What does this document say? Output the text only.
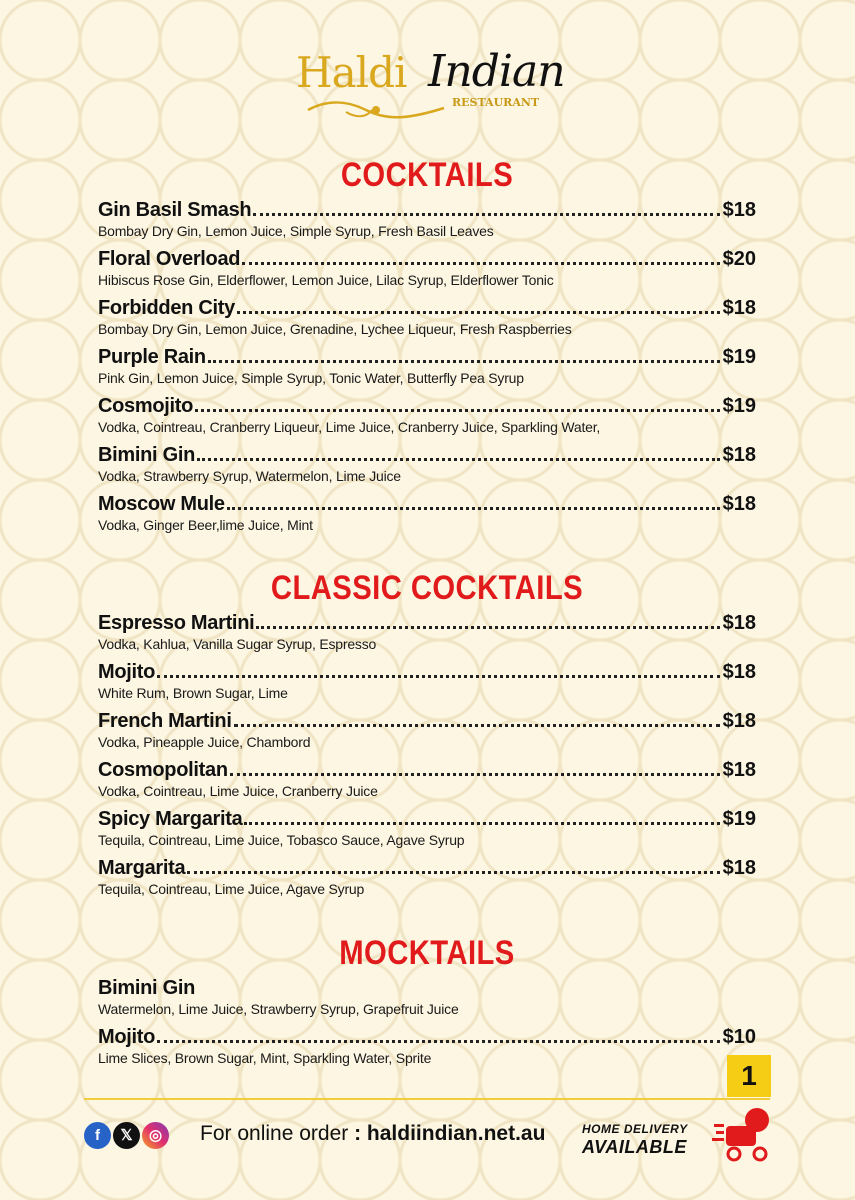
Haldi Indian
RESTAURANT
COCKTAILS
Gin Basil Smash	$18
Bombay Dry Gin, Lemon Juice, Simple Syrup, Fresh Basil Leaves
Floral Overload	$20
Hibiscus Rose Gin, Elderflower, Lemon Juice, Lilac Syrup, Elderflower Tonic
Forbidden City	$18
Bombay Dry Gin, Lemon Juice, Grenadine, Lychee Liqueur, Fresh Raspberries
Purple Rain	$19
Pink Gin, Lemon Juice, Simple Syrup, Tonic Water, Butterfly Pea Syrup
Cosmojito	$19
Vodka, Cointreau, Cranberry Liqueur, Lime Juice, Cranberry Juice, Sparkling Water,
Bimini Gin	$18
Vodka, Strawberry Syrup, Watermelon, Lime Juice
Moscow Mule	$18
Vodka, Ginger Beer,lime Juice, Mint
CLASSIC COCKTAILS
Espresso Martini	$18
Vodka, Kahlua, Vanilla Sugar Syrup, Espresso
Mojito	$18
White Rum, Brown Sugar, Lime
French Martini	$18
Vodka, Pineapple Juice, Chambord
Cosmopolitan	$18
Vodka, Cointreau, Lime Juice, Cranberry Juice
Spicy Margarita	$19
Tequila, Cointreau, Lime Juice, Tobasco Sauce, Agave Syrup
Margarita	$18
Tequila, Cointreau, Lime Juice, Agave Syrup
MOCKTAILS
Bimini Gin
Watermelon, Lime Juice, Strawberry Syrup, Grapefruit Juice
Mojito	$10
Lime Slices, Brown Sugar, Mint, Sparkling Water, Sprite
1
f	𝕏	◎	For online order : haldiindian.net.au	HOME DELIVERY
AVAILABLE
